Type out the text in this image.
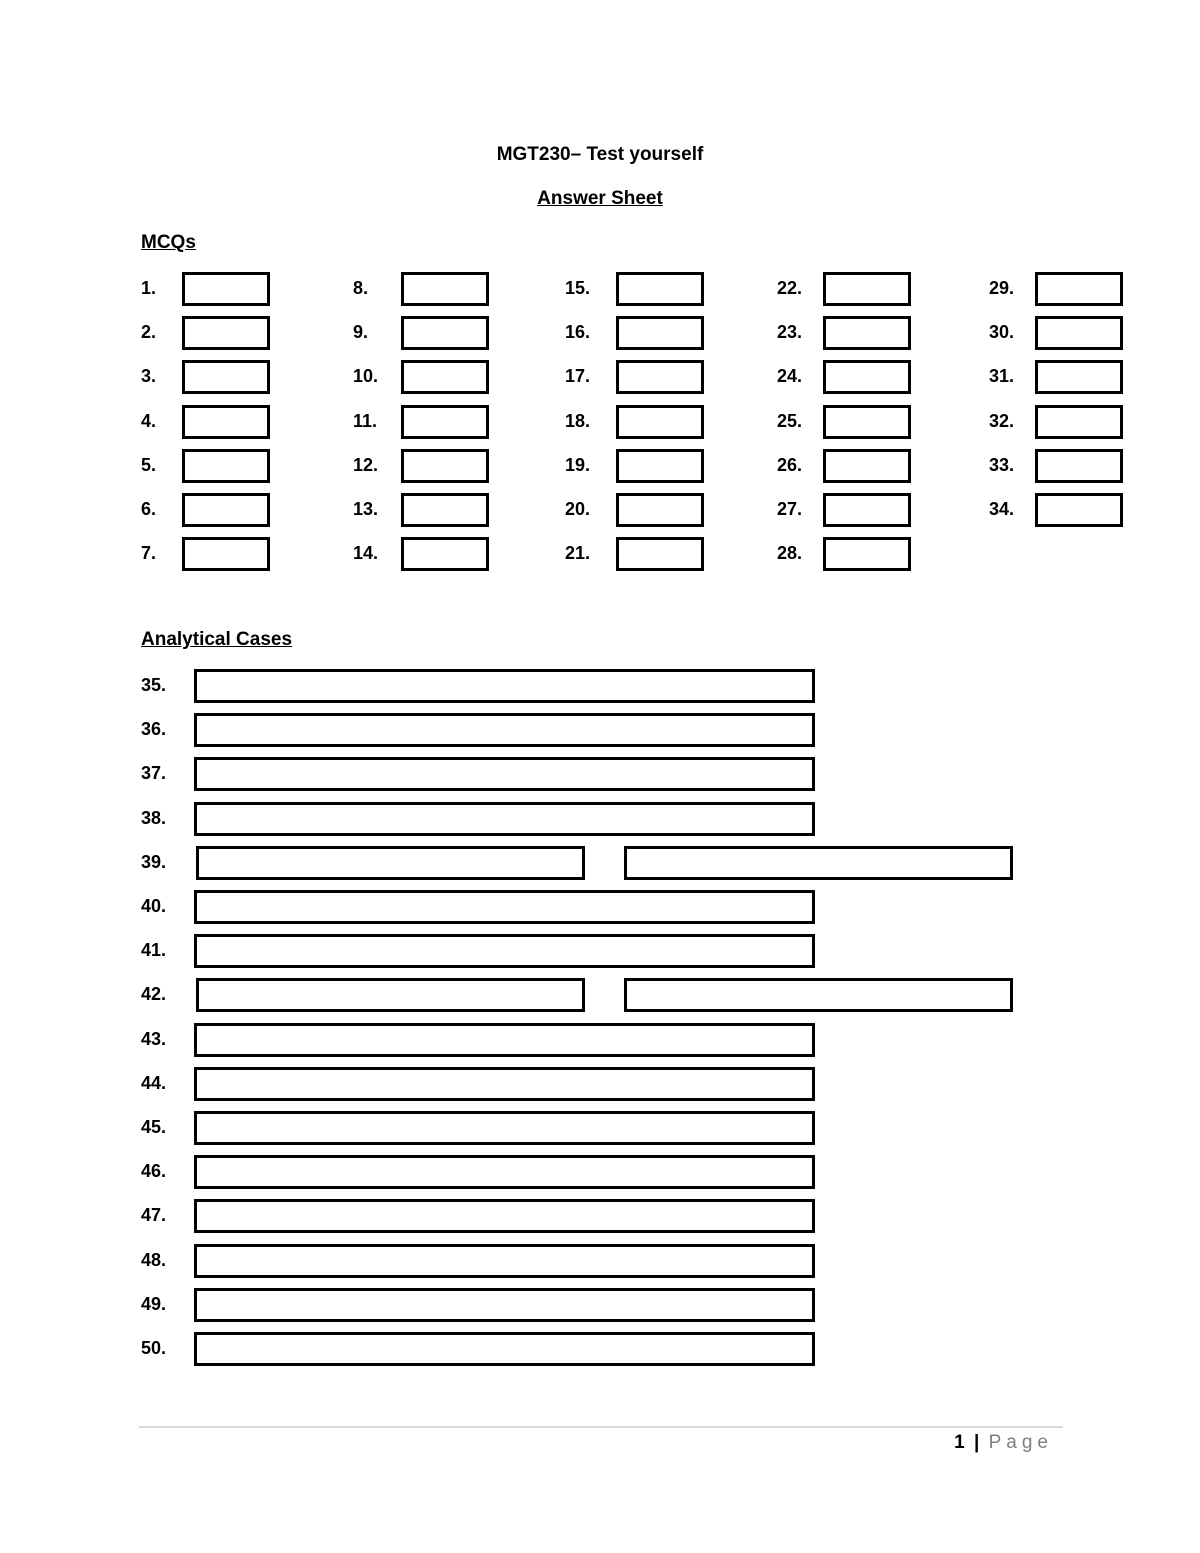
MGT230– Test yourself
Answer Sheet
MCQs
1.
2.
3.
4.
5.
6.
7.
8.
9.
10.
11.
12.
13.
14.
15.
16.
17.
18.
19.
20.
21.
22.
23.
24.
25.
26.
27.
28.
29.
30.
31.
32.
33.
34.
Analytical Cases
35.
36.
37.
38.
39.
40.
41.
42.
43.
44.
45.
46.
47.
48.
49.
50.
1 | Page
